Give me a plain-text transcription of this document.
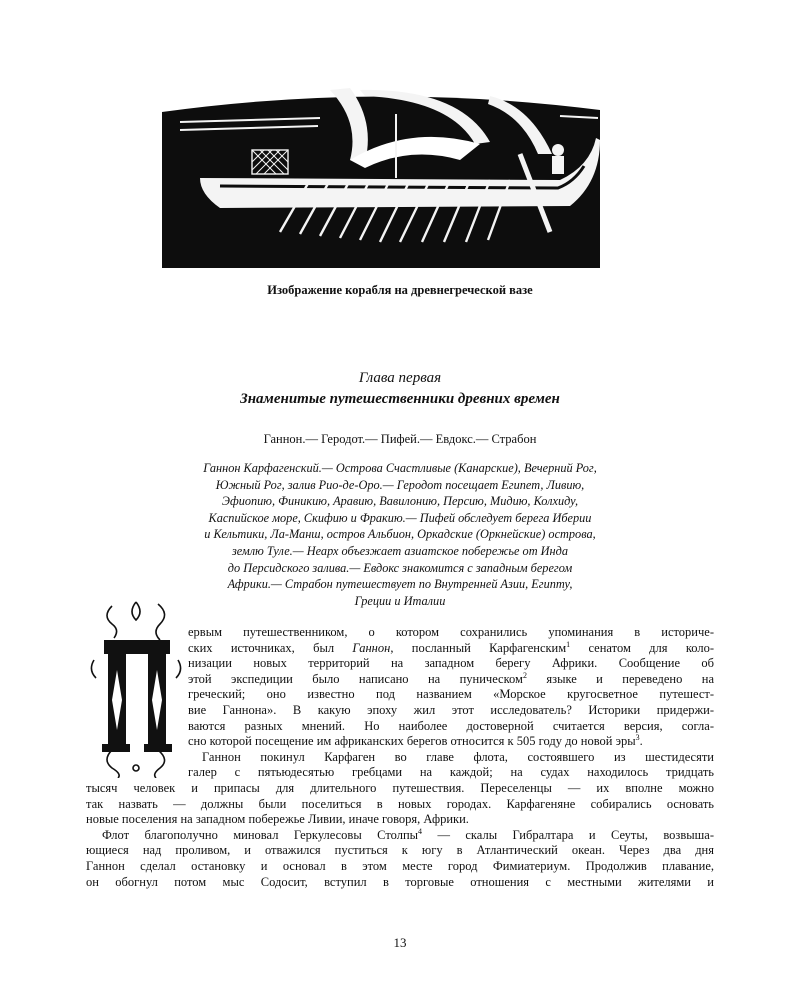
Изображение корабля на древнегреческой вазе
Глава первая
Знаменитые путешественники древних времен
Ганнон.— Геродот.— Пифей.— Евдокс.— Страбон
Ганнон Карфагенский.— Острова Счастливые (Канарские), Вечерний Рог,
Южный Рог, залив Рио-де-Оро.— Геродот посещает Египет, Ливию,
Эфиопию, Финикию, Аравию, Вавилонию, Персию, Мидию, Колхиду,
Каспийское море, Скифию и Фракию.— Пифей обследует берега Иберии
и Кельтики, Ла-Манш, остров Альбион, Оркадские (Оркнейские) острова,
землю Туле.— Неарх объезжает азиатское побережье от Инда
до Персидского залива.— Евдокс знакомится с западным берегом
Африки.— Страбон путешествует по Внутренней Азии, Египту,
Греции и Италии
ервым путешественником, о котором сохранились упоминания в историче-
ских источниках, был Ганнон, посланный Карфагенским$^1$ сенатом для коло-
низации новых территорий на западном берегу Африки. Сообщение об
этой экспедиции было написано на пуническом$^2$ языке и переведено на
греческий; оно известно под названием «Морское кругосветное путешест-
вие Ганнона». В какую эпоху жил этот исследователь? Историки придержи-
ваются разных мнений. Но наиболее достоверной считается версия, согла-
сно которой посещение им африканских берегов относится к 505 году до новой эры$^3$.
Ганнон покинул Карфаген во главе флота, состоявшего из шестидесяти
галер с пятьюдесятью гребцами на каждой; на судах находилось тридцать
тысяч человек и припасы для длительного путешествия. Переселенцы — их вполне можно
так назвать — должны были поселиться в новых городах. Карфагеняне собирались основать
новые поселения на западном побережье Ливии, иначе говоря, Африки.
Флот благополучно миновал Геркулесовы Столпы$^4$ — скалы Гибралтара и Сеуты, возвыша-
ющиеся над проливом, и отважился пуститься к югу в Атлантический океан. Через два дня
Ганнон сделал остановку и основал в этом месте город Фимиатериум. Продолжив плавание,
он обогнул потом мыс Содосит, вступил в торговые отношения с местными жителями и
13
